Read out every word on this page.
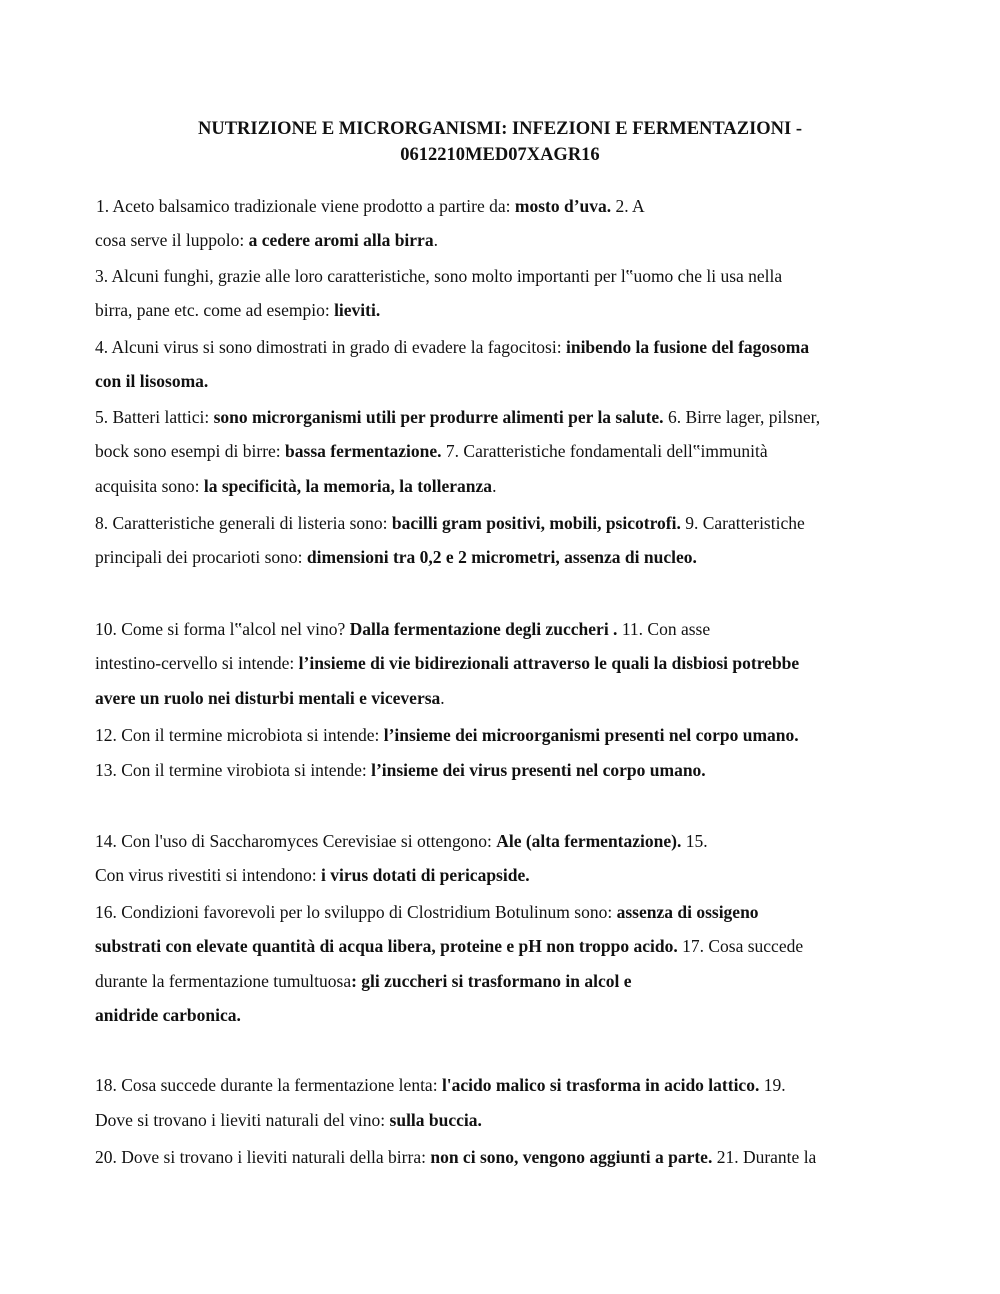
NUTRIZIONE E MICRORGANISMI: INFEZIONI E FERMENTAZIONI -
0612210MED07XAGR16
1. Aceto balsamico tradizionale viene prodotto a partire da: mosto d’uva. 2. A
cosa serve il luppolo: a cedere aromi alla birra.
3. Alcuni funghi, grazie alle loro caratteristiche, sono molto importanti per l‟uomo che li usa nella
birra, pane etc. come ad esempio: lieviti.
4. Alcuni virus si sono dimostrati in grado di evadere la fagocitosi: inibendo la fusione del fagosoma
con il lisosoma.
5. Batteri lattici: sono microrganismi utili per produrre alimenti per la salute. 6. Birre lager, pilsner,
bock sono esempi di birre: bassa fermentazione. 7. Caratteristiche fondamentali dell‟immunità
acquisita sono: la specificità, la memoria, la tolleranza.
8. Caratteristiche generali di listeria sono: bacilli gram positivi, mobili, psicotrofi. 9. Caratteristiche
principali dei procarioti sono: dimensioni tra 0,2 e 2 micrometri, assenza di nucleo.
10. Come si forma l‟alcol nel vino? Dalla fermentazione degli zuccheri . 11. Con asse
intestino-cervello si intende: l’insieme di vie bidirezionali attraverso le quali la disbiosi potrebbe
avere un ruolo nei disturbi mentali e viceversa.
12. Con il termine microbiota si intende: l’insieme dei microorganismi presenti nel corpo umano.
13. Con il termine virobiota si intende: l’insieme dei virus presenti nel corpo umano.
14. Con l'uso di Saccharomyces Cerevisiae si ottengono: Ale (alta fermentazione). 15.
Con virus rivestiti si intendono: i virus dotati di pericapside.
16. Condizioni favorevoli per lo sviluppo di Clostridium Botulinum sono: assenza di ossigeno
substrati con elevate quantità di acqua libera, proteine e pH non troppo acido. 17. Cosa succede
durante la fermentazione tumultuosa: gli zuccheri si trasformano in alcol e
anidride carbonica.
18. Cosa succede durante la fermentazione lenta: l'acido malico si trasforma in acido lattico. 19.
Dove si trovano i lieviti naturali del vino: sulla buccia.
20. Dove si trovano i lieviti naturali della birra: non ci sono, vengono aggiunti a parte. 21. Durante la
